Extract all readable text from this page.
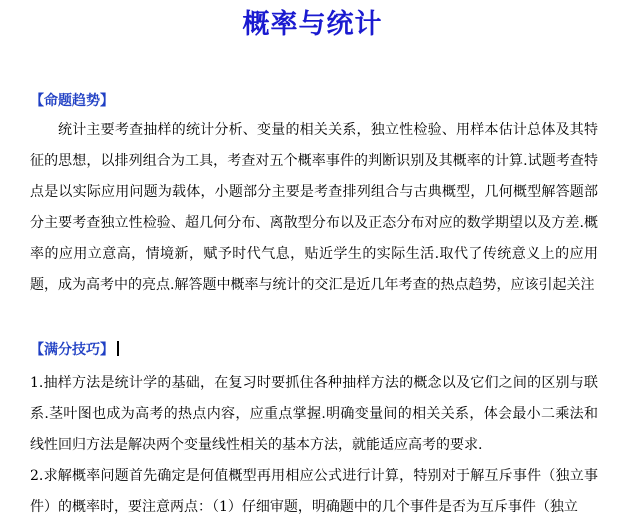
概率与统计

【命题趋势】

统计主要考查抽样的统计分析、变量的相关关系，独立性检验、用样本估计总体及其特征的思想，以排列组合为工具，考查对五个概率事件的判断识别及其概率的计算.试题考查特点是以实际应用问题为载体，小题部分主要是考查排列组合与古典概型，几何概型解答题部分主要考查独立性检验、超几何分布、离散型分布以及正态分布对应的数学期望以及方差.概率的应用立意高，情境新，赋予时代气息，贴近学生的实际生活.取代了传统意义上的应用题，成为高考中的亮点.解答题中概率与统计的交汇是近几年考查的热点趋势，应该引起关注

【满分技巧】

1.抽样方法是统计学的基础，在复习时要抓住各种抽样方法的概念以及它们之间的区别与联系.茎叶图也成为高考的热点内容，应重点掌握.明确变量间的相关关系，体会最小二乘法和线性回归方法是解决两个变量线性相关的基本方法，就能适应高考的要求.

2.求解概率问题首先确定是何值概型再用相应公式进行计算，特别对于解互斥事件（独立事件）的概率时，要注意两点：（1）仔细审题，明确题中的几个事件是否为互斥事件（独立
